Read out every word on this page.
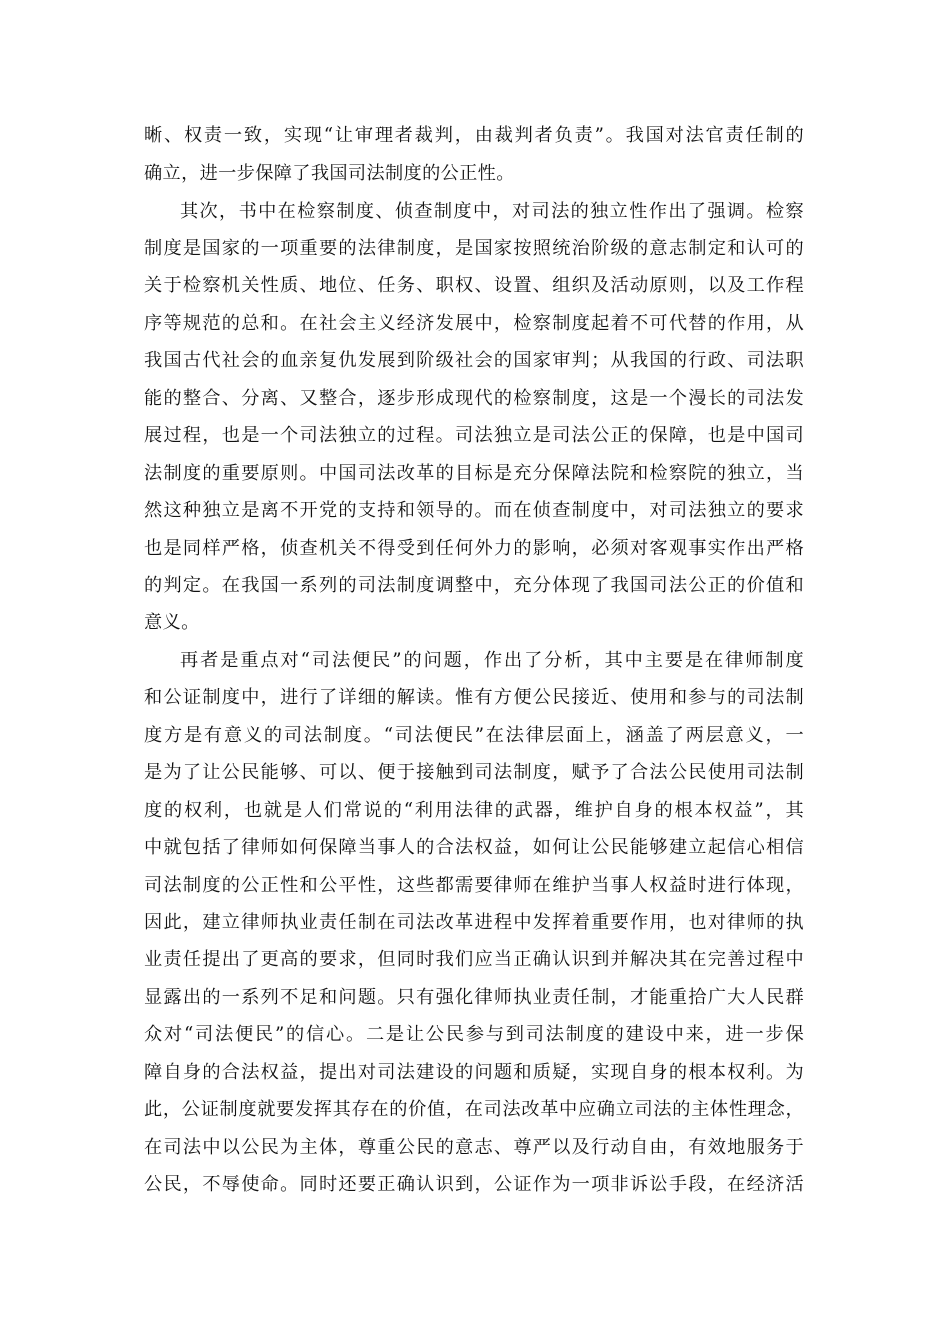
晰、权责一致，实现“让审理者裁判，由裁判者负责”。我国对法官责任制的
确立，进一步保障了我国司法制度的公正性。
其次，书中在检察制度、侦查制度中，对司法的独立性作出了强调。检察
制度是国家的一项重要的法律制度，是国家按照统治阶级的意志制定和认可的
关于检察机关性质、地位、任务、职权、设置、组织及活动原则，以及工作程
序等规范的总和。在社会主义经济发展中，检察制度起着不可代替的作用，从
我国古代社会的血亲复仇发展到阶级社会的国家审判；从我国的行政、司法职
能的整合、分离、又整合，逐步形成现代的检察制度，这是一个漫长的司法发
展过程，也是一个司法独立的过程。司法独立是司法公正的保障，也是中国司
法制度的重要原则。中国司法改革的目标是充分保障法院和检察院的独立，当
然这种独立是离不开党的支持和领导的。而在侦查制度中，对司法独立的要求
也是同样严格，侦查机关不得受到任何外力的影响，必须对客观事实作出严格
的判定。在我国一系列的司法制度调整中，充分体现了我国司法公正的价值和
意义。
再者是重点对“司法便民”的问题，作出了分析，其中主要是在律师制度
和公证制度中，进行了详细的解读。惟有方便公民接近、使用和参与的司法制
度方是有意义的司法制度。“司法便民”在法律层面上，涵盖了两层意义，一
是为了让公民能够、可以、便于接触到司法制度，赋予了合法公民使用司法制
度的权利，也就是人们常说的“利用法律的武器，维护自身的根本权益”，其
中就包括了律师如何保障当事人的合法权益，如何让公民能够建立起信心相信
司法制度的公正性和公平性，这些都需要律师在维护当事人权益时进行体现，
因此，建立律师执业责任制在司法改革进程中发挥着重要作用，也对律师的执
业责任提出了更高的要求，但同时我们应当正确认识到并解决其在完善过程中
显露出的一系列不足和问题。只有强化律师执业责任制，才能重拾广大人民群
众对“司法便民”的信心。二是让公民参与到司法制度的建设中来，进一步保
障自身的合法权益，提出对司法建设的问题和质疑，实现自身的根本权利。为
此，公证制度就要发挥其存在的价值，在司法改革中应确立司法的主体性理念，
在司法中以公民为主体，尊重公民的意志、尊严以及行动自由，有效地服务于
公民，不辱使命。同时还要正确认识到，公证作为一项非诉讼手段，在经济活
